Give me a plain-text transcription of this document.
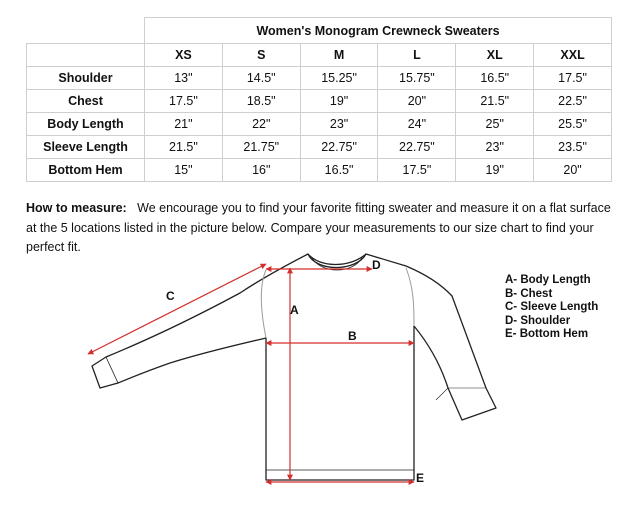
	Women's Monogram Crewneck Sweaters					
	XS	S	M	L	XL	XXL
Shoulder	13"	14.5"	15.25"	15.75"	16.5"	17.5"
Chest	17.5"	18.5"	19"	20"	21.5"	22.5"
Body Length	21"	22"	23"	24"	25"	25.5"
Sleeve Length	21.5"	21.75"	22.75"	22.75"	23"	23.5"
Bottom Hem	15"	16"	16.5"	17.5"	19"	20"
How to measure: We encourage you to find your favorite fitting sweater and measure it on a flat surface at the 5 locations listed in the picture below. Compare your measurements to our size chart to find your perfect fit.
A
B
C
D
E
A- Body Length
B- Chest
C- Sleeve Length
D- Shoulder
E- Bottom Hem
